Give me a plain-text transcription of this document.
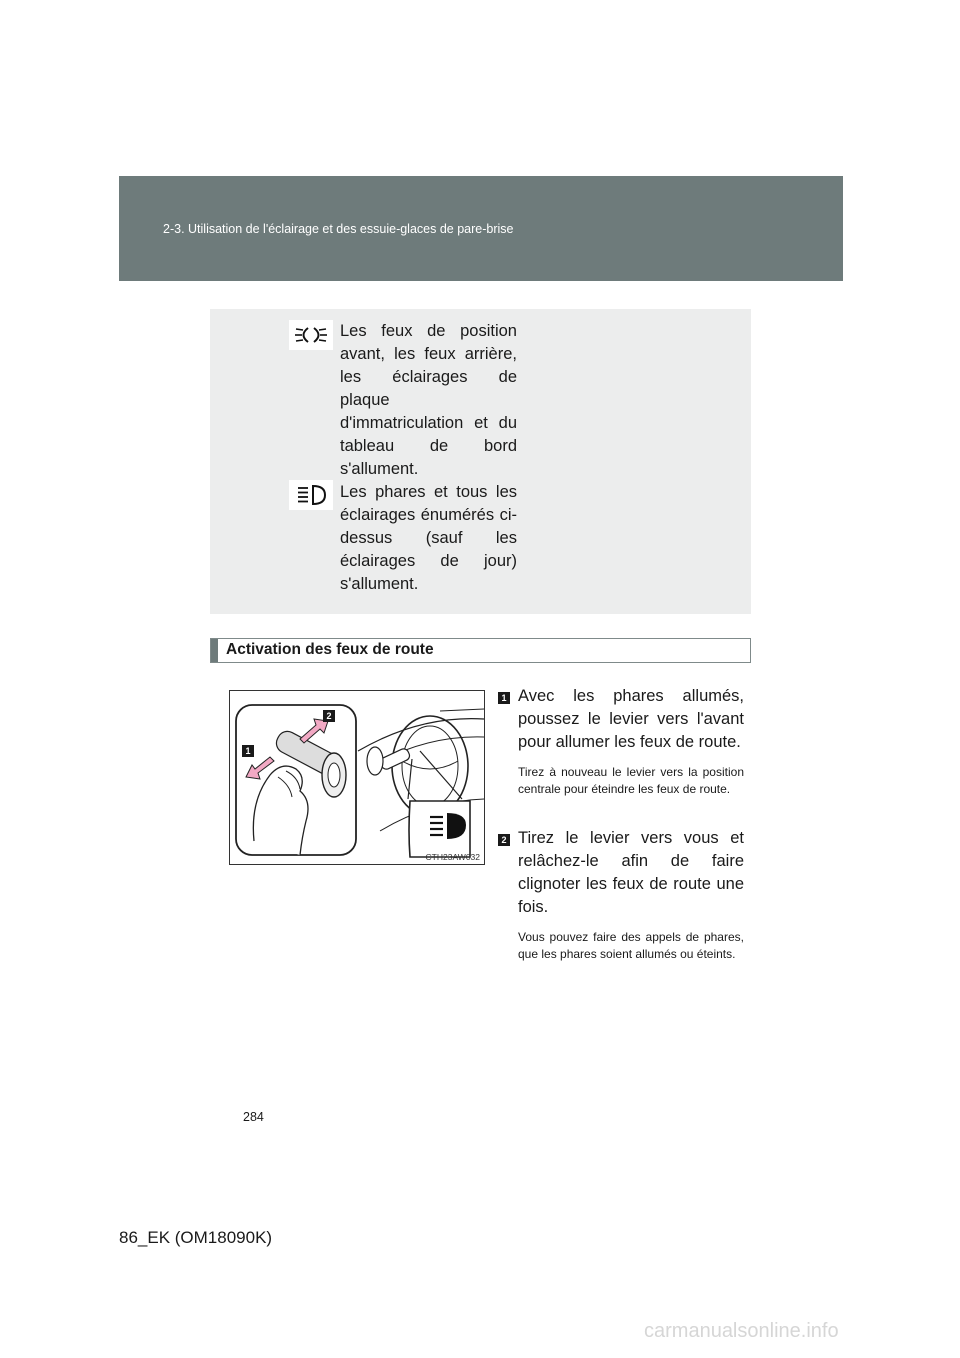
2-3. Utilisation de l'éclairage et des essuie-glaces de pare-brise
Les feux de position avant, les feux arrière, les éclairages de plaque d'immatriculation et du tableau de bord s'allument.
Les phares et tous les éclairages énumérés ci-dessus (sauf les éclairages de jour) s'allument.
Activation des feux de route
2
1
CTH23AW032
1 Avec les phares allumés, poussez le levier vers l'avant pour allumer les feux de route.
Tirez à nouveau le levier vers la position centrale pour éteindre les feux de route.
2 Tirez le levier vers vous et relâchez-le afin de faire clignoter les feux de route une fois.
Vous pouvez faire des appels de phares, que les phares soient allumés ou éteints.
284
86_EK (OM18090K)
carmanualsonline.info
